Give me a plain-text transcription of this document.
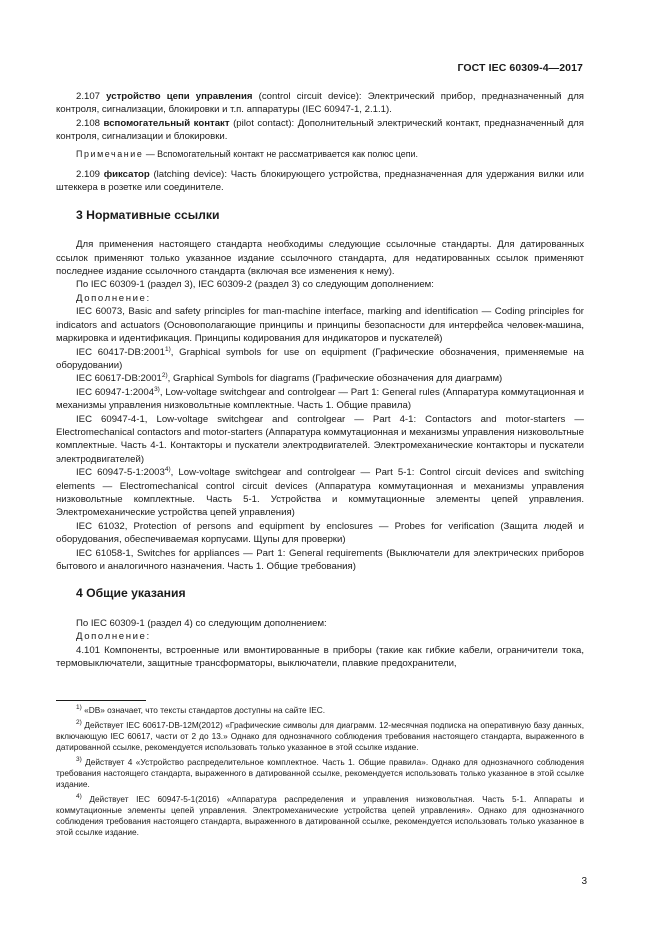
ГОСТ IEC 60309-4—2017

2.107 устройство цепи управления (control circuit device): Электрический прибор, предназначенный для контроля, сигнализации, блокировки и т.п. аппаратуры (IEC 60947-1, 2.1.1).

2.108 вспомогательный контакт (pilot contact): Дополнительный электрический контакт, предназначенный для контроля, сигнализации и блокировки.

Примечание — Вспомогательный контакт не рассматривается как полюс цепи.

2.109 фиксатор (latching device): Часть блокирующего устройства, предназначенная для удержания вилки или штеккера в розетке или соединителе.

3 Нормативные ссылки

Для применения настоящего стандарта необходимы следующие ссылочные стандарты. Для датированных ссылок применяют только указанное издание ссылочного стандарта, для недатированных ссылок применяют последнее издание ссылочного стандарта (включая все изменения к нему).

По IEC 60309-1 (раздел 3), IEC 60309-2 (раздел 3) со следующим дополнением:

Дополнение:

IEC 60073, Basic and safety principles for man-machine interface, marking and identification — Coding principles for indicators and actuators (Основополагающие принципы и принципы безопасности для интерфейса человек-машина, маркировка и идентификация. Принципы кодирования для индикаторов и пускателей)

IEC 60417-DB:2001$^{1)}$, Graphical symbols for use on equipment (Графические обозначения, применяемые на оборудовании)

IEC 60617-DB:2001$^{2)}$, Graphical Symbols for diagrams (Графические обозначения для диаграмм)

IEC 60947-1:2004$^{3)}$, Low-voltage switchgear and controlgear — Part 1: General rules (Аппаратура коммутационная и механизмы управления низковольтные комплектные. Часть 1. Общие правила)

IEC 60947-4-1, Low-voltage switchgear and controlgear — Part 4-1: Contactors and motor-starters — Electromechanical contactors and motor-starters (Аппаратура коммутационная и механизмы управления низковольтные комплектные. Часть 4-1. Контакторы и пускатели электродвигателей. Электромеханические контакторы и пускатели электродвигателей)

IEC 60947-5-1:2003$^{4)}$, Low-voltage switchgear and controlgear — Part 5-1: Control circuit devices and switching elements — Electromechanical control circuit devices (Аппаратура коммутационная и механизмы управления низковольтные комплектные. Часть 5-1. Устройства и коммутационные элементы цепей управления. Электромеханические устройства цепей управления)

IEC 61032, Protection of persons and equipment by enclosures — Probes for verification (Защита людей и оборудования, обеспечиваемая корпусами. Щупы для проверки)

IEC 61058-1, Switches for appliances — Part 1: General requirements (Выключатели для электрических приборов бытового и аналогичного назначения. Часть 1. Общие требования)

4 Общие указания

По IEC 60309-1 (раздел 4) со следующим дополнением:

Дополнение:

4.101 Компоненты, встроенные или вмонтированные в приборы (такие как гибкие кабели, ограничители тока, термовыключатели, защитные трансформаторы, выключатели, плавкие предохранители,

$^{1)}$ «DB» означает, что тексты стандартов доступны на сайте IEC.

$^{2)}$ Действует IEC 60617-DB-12M(2012) «Графические символы для диаграмм. 12-месячная подписка на оперативную базу данных, включающую IEC 60617, части от 2 до 13.» Однако для однозначного соблюдения требования настоящего стандарта, выраженного в датированной ссылке, рекомендуется использовать только указанное в этой ссылке издание.

$^{3)}$ Действует 4 «Устройство распределительное комплектное. Часть 1. Общие правила». Однако для однозначного соблюдения требования настоящего стандарта, выраженного в датированной ссылке, рекомендуется использовать только указанное в этой ссылке издание.

$^{4)}$ Действует IEC 60947-5-1(2016) «Аппаратура распределения и управления низковольтная. Часть 5-1. Аппараты и коммутационные элементы цепей управления. Электромеханические устройства цепей управления». Однако для однозначного соблюдения требования настоящего стандарта, выраженного в датированной ссылке, рекомендуется использовать только указанное в этой ссылке издание.

3
